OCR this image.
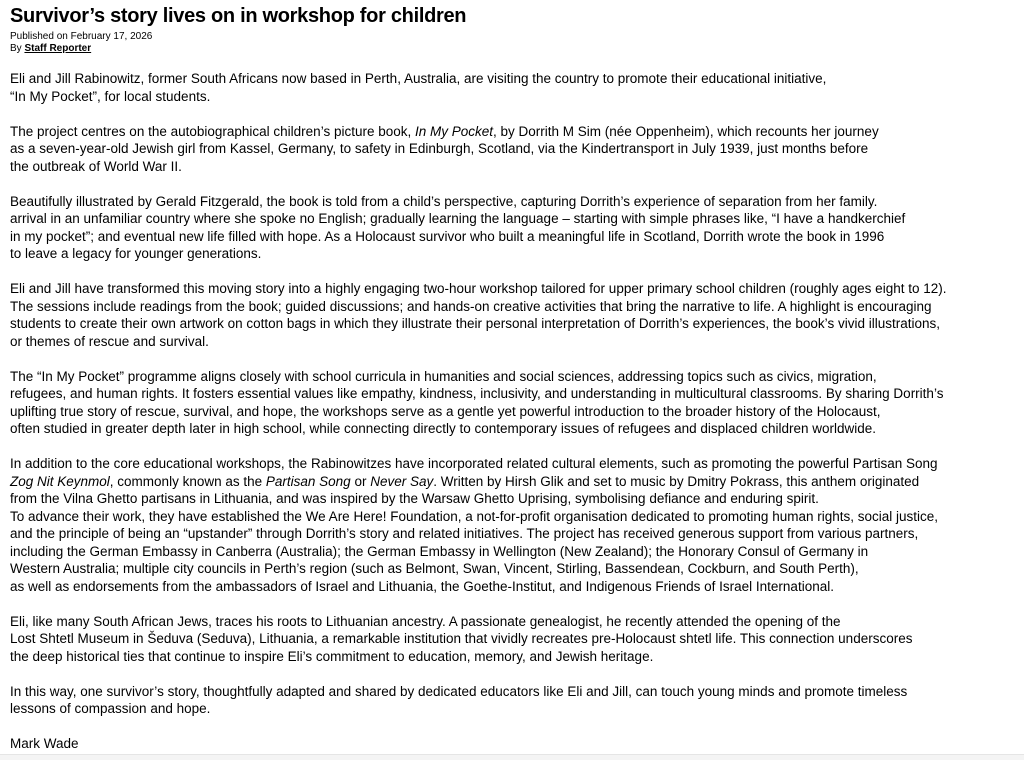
Survivor’s story lives on in workshop for children
Published on February 17, 2026
By Staff Reporter
Eli and Jill Rabinowitz, former South Africans now based in Perth, Australia, are visiting the country to promote their educational initiative,
“In My Pocket”, for local students.
The project centres on the autobiographical children’s picture book, In My Pocket, by Dorrith M Sim (née Oppenheim), which recounts her journey
as a seven-year-old Jewish girl from Kassel, Germany, to safety in Edinburgh, Scotland, via the Kindertransport in July 1939, just months before
the outbreak of World War II.
Beautifully illustrated by Gerald Fitzgerald, the book is told from a child’s perspective, capturing Dorrith’s experience of separation from her family.
arrival in an unfamiliar country where she spoke no English; gradually learning the language – starting with simple phrases like, “I have a handkerchief
in my pocket”; and eventual new life filled with hope. As a Holocaust survivor who built a meaningful life in Scotland, Dorrith wrote the book in 1996
to leave a legacy for younger generations.
Eli and Jill have transformed this moving story into a highly engaging two-hour workshop tailored for upper primary school children (roughly ages eight to 12).
The sessions include readings from the book; guided discussions; and hands-on creative activities that bring the narrative to life. A highlight is encouraging
students to create their own artwork on cotton bags in which they illustrate their personal interpretation of Dorrith’s experiences, the book’s vivid illustrations,
or themes of rescue and survival.
The “In My Pocket” programme aligns closely with school curricula in humanities and social sciences, addressing topics such as civics, migration,
refugees, and human rights. It fosters essential values like empathy, kindness, inclusivity, and understanding in multicultural classrooms. By sharing Dorrith’s
uplifting true story of rescue, survival, and hope, the workshops serve as a gentle yet powerful introduction to the broader history of the Holocaust,
often studied in greater depth later in high school, while connecting directly to contemporary issues of refugees and displaced children worldwide.
In addition to the core educational workshops, the Rabinowitzes have incorporated related cultural elements, such as promoting the powerful Partisan Song
Zog Nit Keynmol, commonly known as the Partisan Song or Never Say. Written by Hirsh Glik and set to music by Dmitry Pokrass, this anthem originated
from the Vilna Ghetto partisans in Lithuania, and was inspired by the Warsaw Ghetto Uprising, symbolising defiance and enduring spirit.
To advance their work, they have established the We Are Here! Foundation, a not-for-profit organisation dedicated to promoting human rights, social justice,
and the principle of being an “upstander” through Dorrith’s story and related initiatives. The project has received generous support from various partners,
including the German Embassy in Canberra (Australia); the German Embassy in Wellington (New Zealand); the Honorary Consul of Germany in
Western Australia; multiple city councils in Perth’s region (such as Belmont, Swan, Vincent, Stirling, Bassendean, Cockburn, and South Perth),
as well as endorsements from the ambassadors of Israel and Lithuania, the Goethe-Institut, and Indigenous Friends of Israel International.
Eli, like many South African Jews, traces his roots to Lithuanian ancestry. A passionate genealogist, he recently attended the opening of the
Lost Shtetl Museum in Šeduva (Seduva), Lithuania, a remarkable institution that vividly recreates pre-Holocaust shtetl life. This connection underscores
the deep historical ties that continue to inspire Eli’s commitment to education, memory, and Jewish heritage.
In this way, one survivor’s story, thoughtfully adapted and shared by dedicated educators like Eli and Jill, can touch young minds and promote timeless
lessons of compassion and hope.
Mark Wade
